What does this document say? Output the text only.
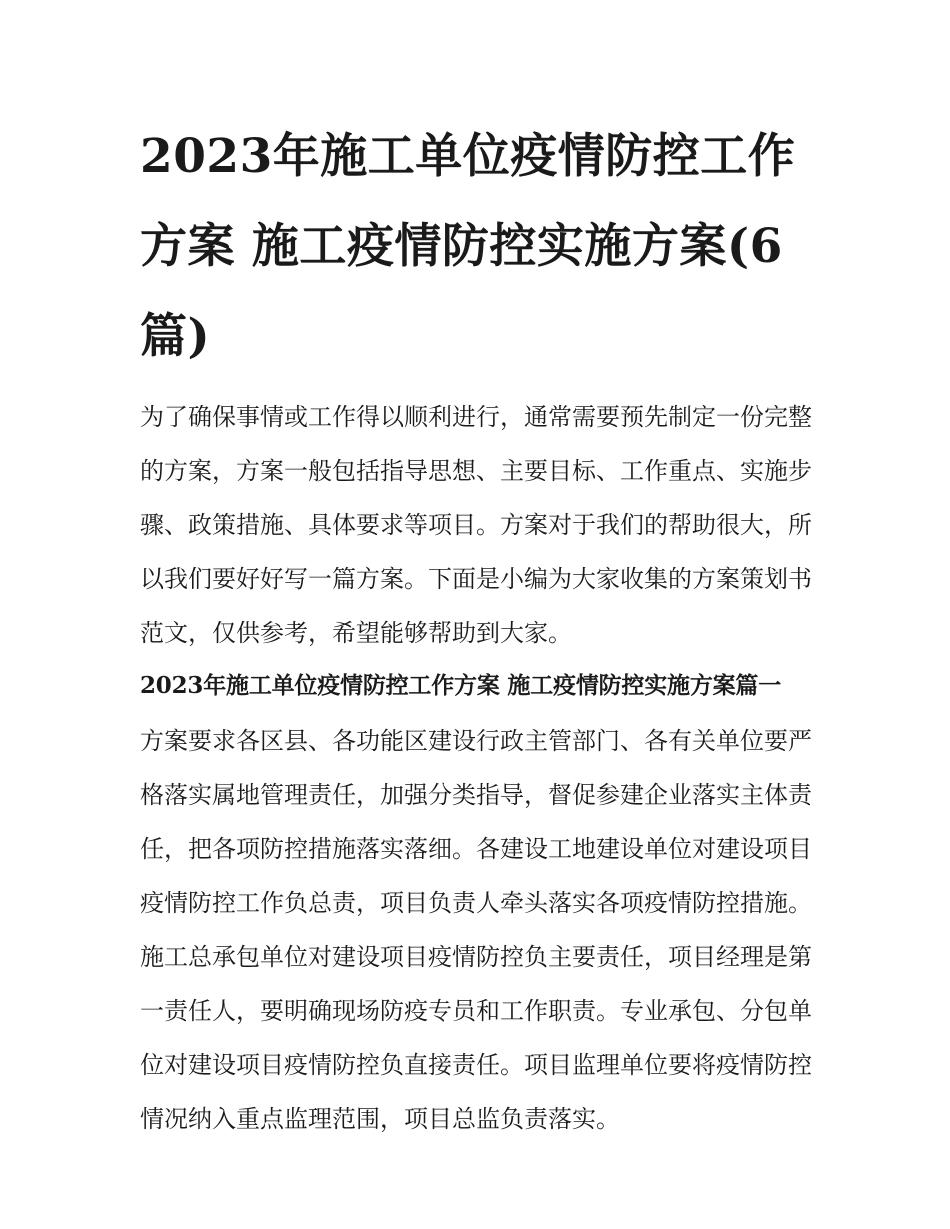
2023年施工单位疫情防控工作方案 施工疫情防控实施方案(6篇)

为了确保事情或工作得以顺利进行，通常需要预先制定一份完整的方案，方案一般包括指导思想、主要目标、工作重点、实施步骤、政策措施、具体要求等项目。方案对于我们的帮助很大，所以我们要好好写一篇方案。下面是小编为大家收集的方案策划书范文，仅供参考，希望能够帮助到大家。

2023年施工单位疫情防控工作方案 施工疫情防控实施方案篇一

方案要求各区县、各功能区建设行政主管部门、各有关单位要严格落实属地管理责任，加强分类指导，督促参建企业落实主体责任，把各项防控措施落实落细。各建设工地建设单位对建设项目疫情防控工作负总责，项目负责人牵头落实各项疫情防控措施。施工总承包单位对建设项目疫情防控负主要责任，项目经理是第一责任人，要明确现场防疫专员和工作职责。专业承包、分包单位对建设项目疫情防控负直接责任。项目监理单位要将疫情防控情况纳入重点监理范围，项目总监负责落实。
